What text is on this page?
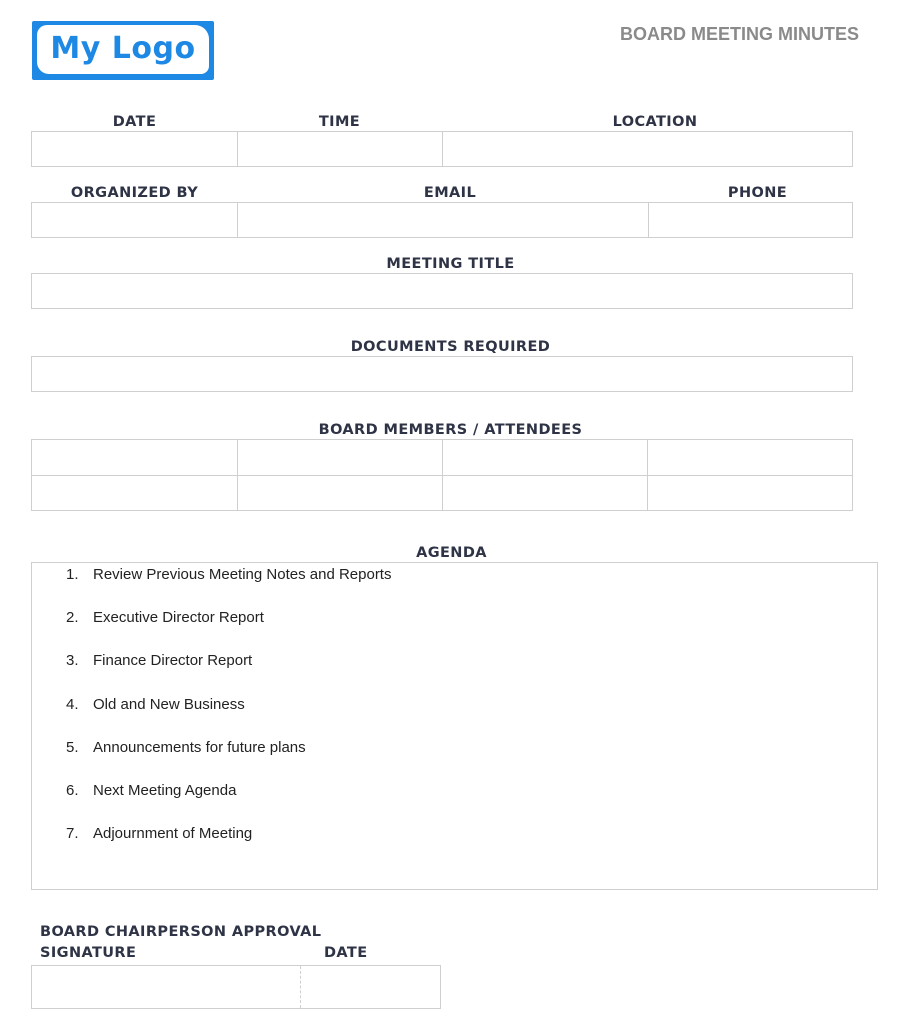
My Logo	BOARD MEETING MINUTES
DATE	TIME	LOCATION
ORGANIZED BY	EMAIL	PHONE
MEETING TITLE
DOCUMENTS REQUIRED
BOARD MEMBERS / ATTENDEES
AGENDA
1. Review Previous Meeting Notes and Reports
2. Executive Director Report
3. Finance Director Report
4. Old and New Business
5. Announcements for future plans
6. Next Meeting Agenda
7. Adjournment of Meeting
BOARD CHAIRPERSON APPROVAL
SIGNATURE	DATE
